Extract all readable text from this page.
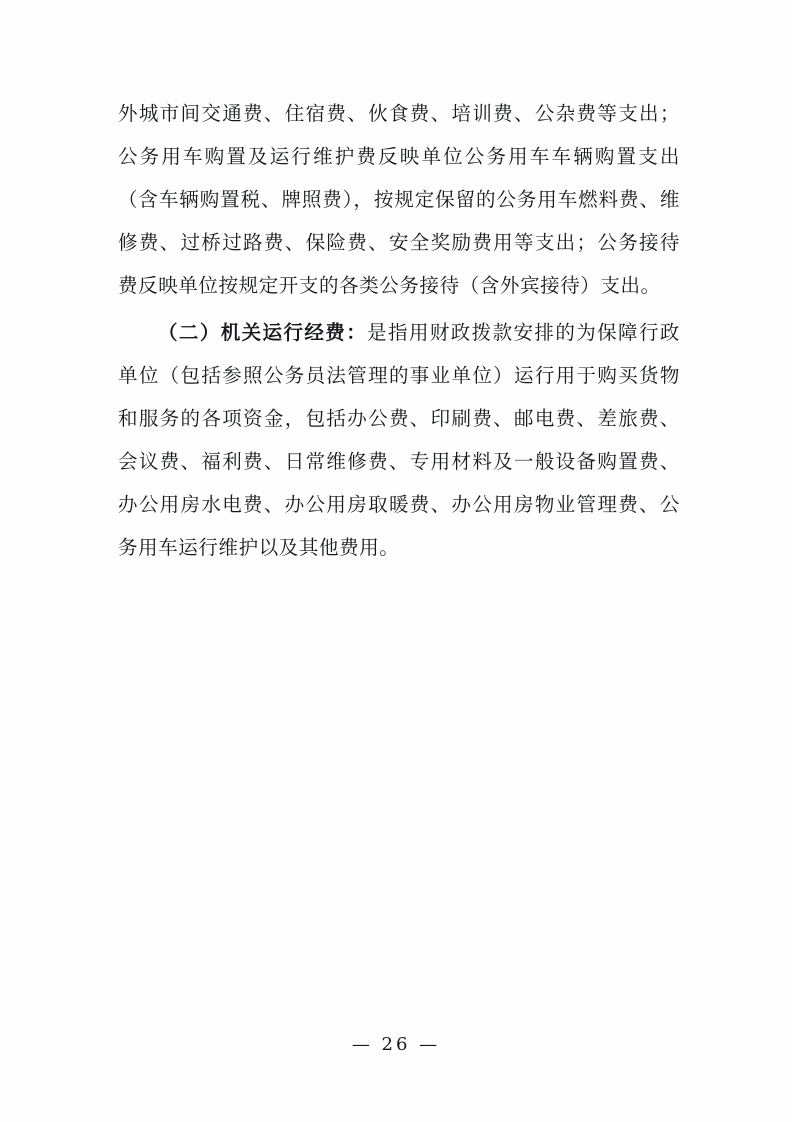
外城市间交通费、住宿费、伙食费、培训费、公杂费等支出；公务用车购置及运行维护费反映单位公务用车车辆购置支出（含车辆购置税、牌照费），按规定保留的公务用车燃料费、维修费、过桥过路费、保险费、安全奖励费用等支出；公务接待费反映单位按规定开支的各类公务接待（含外宾接待）支出。

（二）机关运行经费：是指用财政拨款安排的为保障行政单位（包括参照公务员法管理的事业单位）运行用于购买货物和服务的各项资金，包括办公费、印刷费、邮电费、差旅费、会议费、福利费、日常维修费、专用材料及一般设备购置费、办公用房水电费、办公用房取暖费、办公用房物业管理费、公务用车运行维护以及其他费用。

— 26 —
